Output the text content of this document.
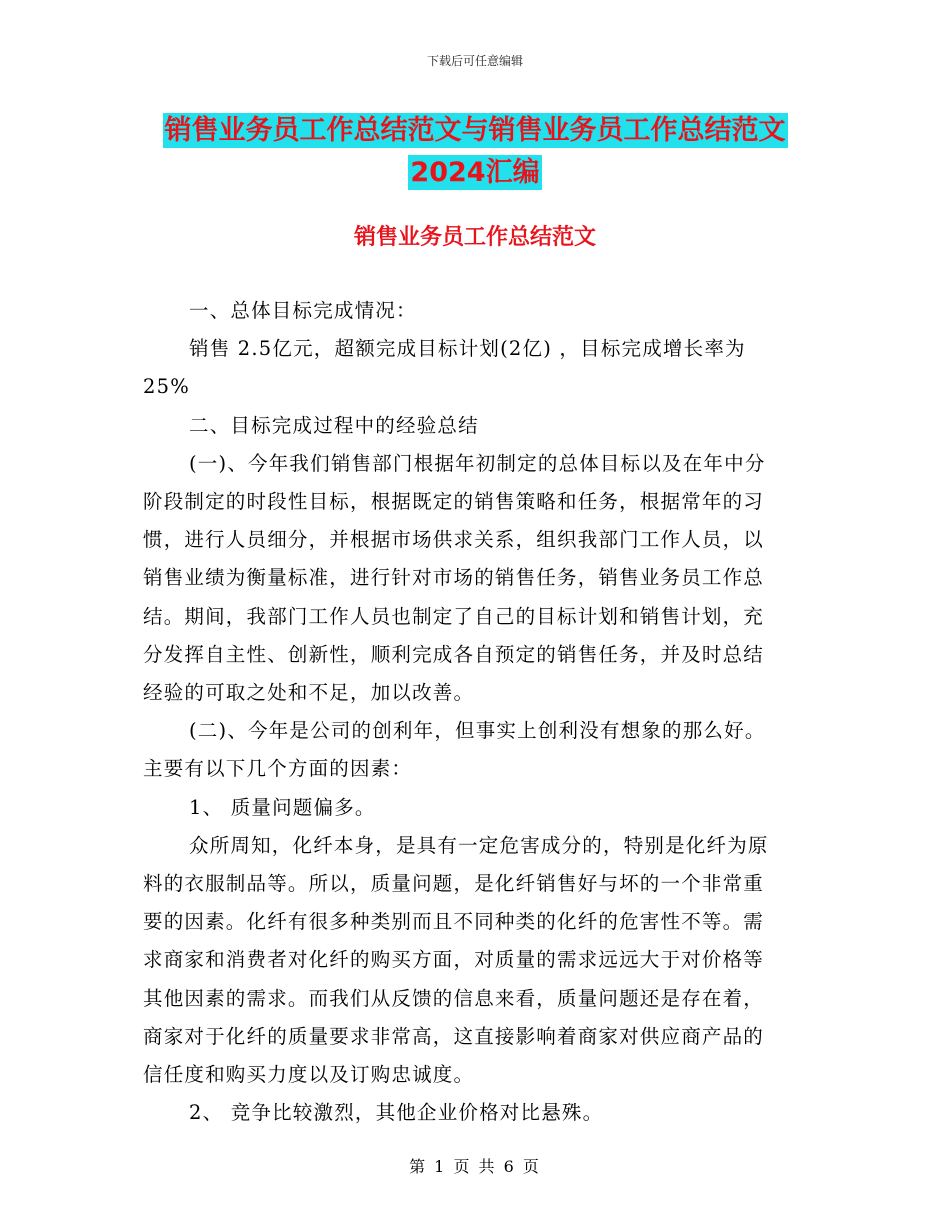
下载后可任意编辑
销售业务员工作总结范文与销售业务员工作总结范文
2024汇编
销售业务员工作总结范文
一、总体目标完成情况：
销售 2.5亿元，超额完成目标计划(2亿) ，目标完成增长率为
25%
二、目标完成过程中的经验总结
(一)、今年我们销售部门根据年初制定的总体目标以及在年中分
阶段制定的时段性目标，根据既定的销售策略和任务，根据常年的习
惯，进行人员细分，并根据市场供求关系，组织我部门工作人员，以
销售业绩为衡量标准，进行针对市场的销售任务，销售业务员工作总
结。期间，我部门工作人员也制定了自己的目标计划和销售计划，充
分发挥自主性、创新性，顺利完成各自预定的销售任务，并及时总结
经验的可取之处和不足，加以改善。
(二)、今年是公司的创利年，但事实上创利没有想象的那么好。
主要有以下几个方面的因素：
1、 质量问题偏多。
众所周知，化纤本身，是具有一定危害成分的，特别是化纤为原
料的衣服制品等。所以，质量问题，是化纤销售好与坏的一个非常重
要的因素。化纤有很多种类别而且不同种类的化纤的危害性不等。需
求商家和消费者对化纤的购买方面，对质量的需求远远大于对价格等
其他因素的需求。而我们从反馈的信息来看，质量问题还是存在着，
商家对于化纤的质量要求非常高，这直接影响着商家对供应商产品的
信任度和购买力度以及订购忠诚度。
2、 竞争比较激烈，其他企业价格对比悬殊。
第 1 页 共 6 页
